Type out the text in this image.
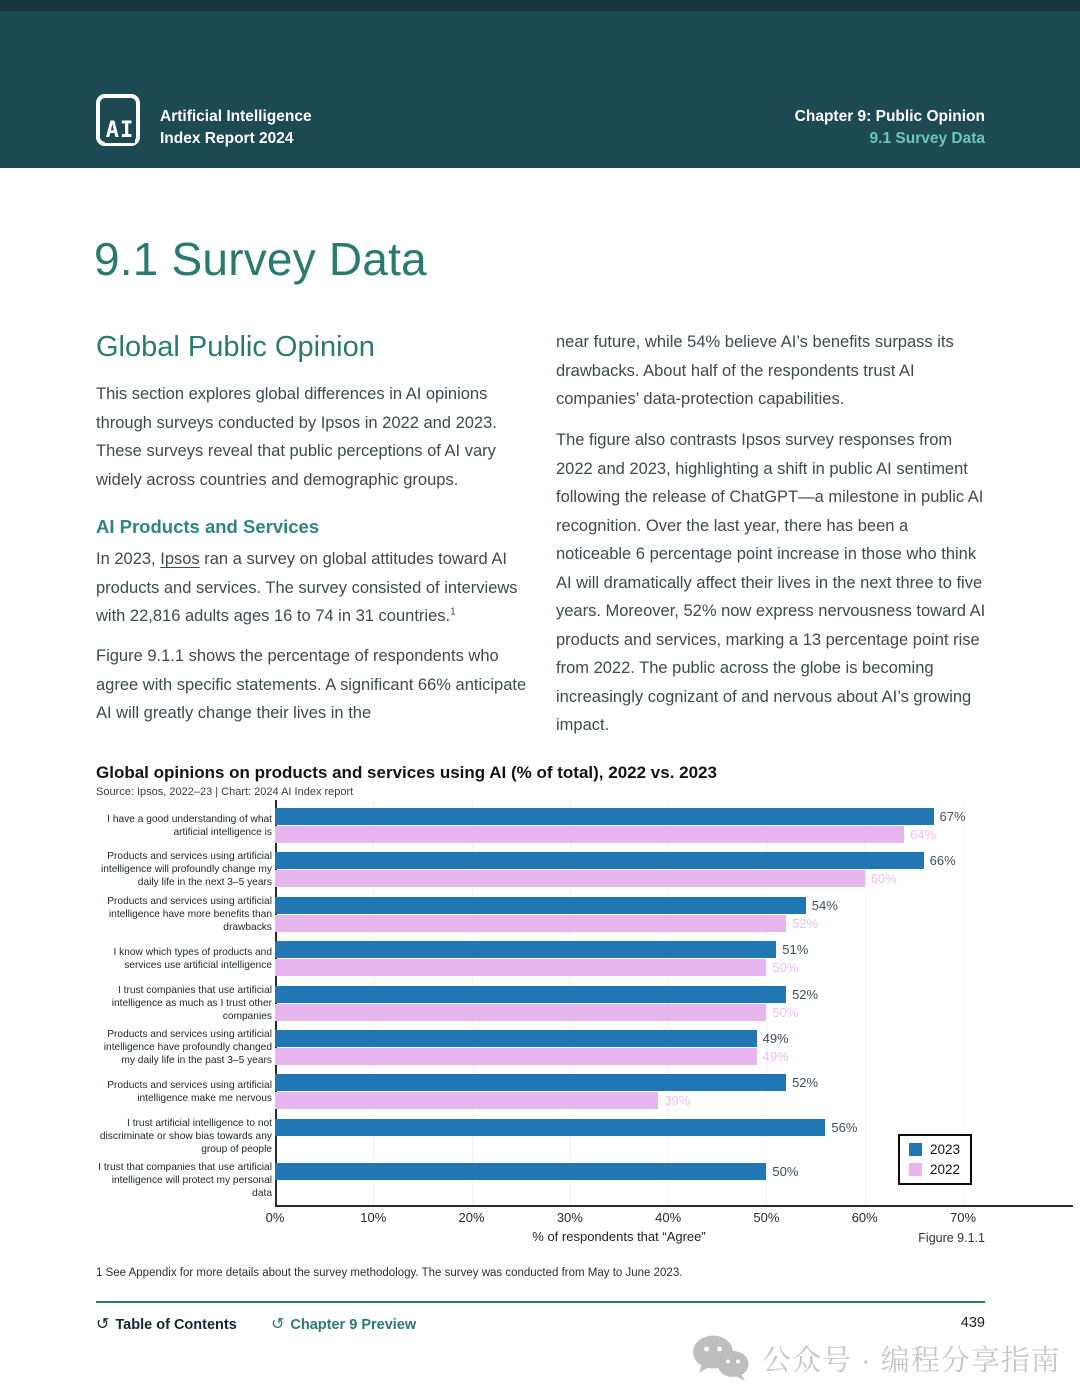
AI
Artificial Intelligence
Index Report 2024
Chapter 9: Public Opinion
9.1 Survey Data
9.1 Survey Data
Global Public Opinion
This section explores global differences in AI opinions through surveys conducted by Ipsos in 2022 and 2023. These surveys reveal that public perceptions of AI vary widely across countries and demographic groups.
AI Products and Services
In 2023, Ipsos ran a survey on global attitudes toward AI products and services. The survey consisted of interviews with 22,816 adults ages 16 to 74 in 31 countries.$^1$
Figure 9.1.1 shows the percentage of respondents who agree with specific statements. A significant 66% anticipate AI will greatly change their lives in the
near future, while 54% believe AI’s benefits surpass its drawbacks. About half of the respondents trust AI companies’ data-protection capabilities.
The figure also contrasts Ipsos survey responses from 2022 and 2023, highlighting a shift in public AI sentiment following the release of ChatGPT—a milestone in public AI recognition. Over the last year, there has been a noticeable 6 percentage point increase in those who think AI will dramatically affect their lives in the next three to five years. Moreover, 52% now express nervousness toward AI products and services, marking a 13 percentage point rise from 2022. The public across the globe is becoming increasingly cognizant of and nervous about AI’s growing impact.
Global opinions on products and services using AI (% of total), 2022 vs. 2023
Source: Ipsos, 2022–23 | Chart: 2024 AI Index report
% of respondents that “Agree”	Figure 9.1.1
2023
2022
0%	10%	20%	30%	40%	50%	60%	70%
I have a good understanding of what artificial intelligence is
67%
64%
Products and services using artificial intelligence will profoundly change my daily life in the next 3–5 years
66%
60%
Products and services using artificial intelligence have more benefits than drawbacks
54%
52%
I know which types of products and services use artificial intelligence
51%
50%
I trust companies that use artificial intelligence as much as I trust other companies
52%
50%
Products and services using artificial intelligence have profoundly changed my daily life in the past 3–5 years
49%
49%
Products and services using artificial intelligence make me nervous
52%
39%
I trust artificial intelligence to not discriminate or show bias towards any group of people
56%
I trust that companies that use artificial intelligence will protect my personal data
50%
1 See Appendix for more details about the survey methodology. The survey was conducted from May to June 2023.
↺ Table of Contents ↺ Chapter 9 Preview	439
公众号 · 编程分享指南
